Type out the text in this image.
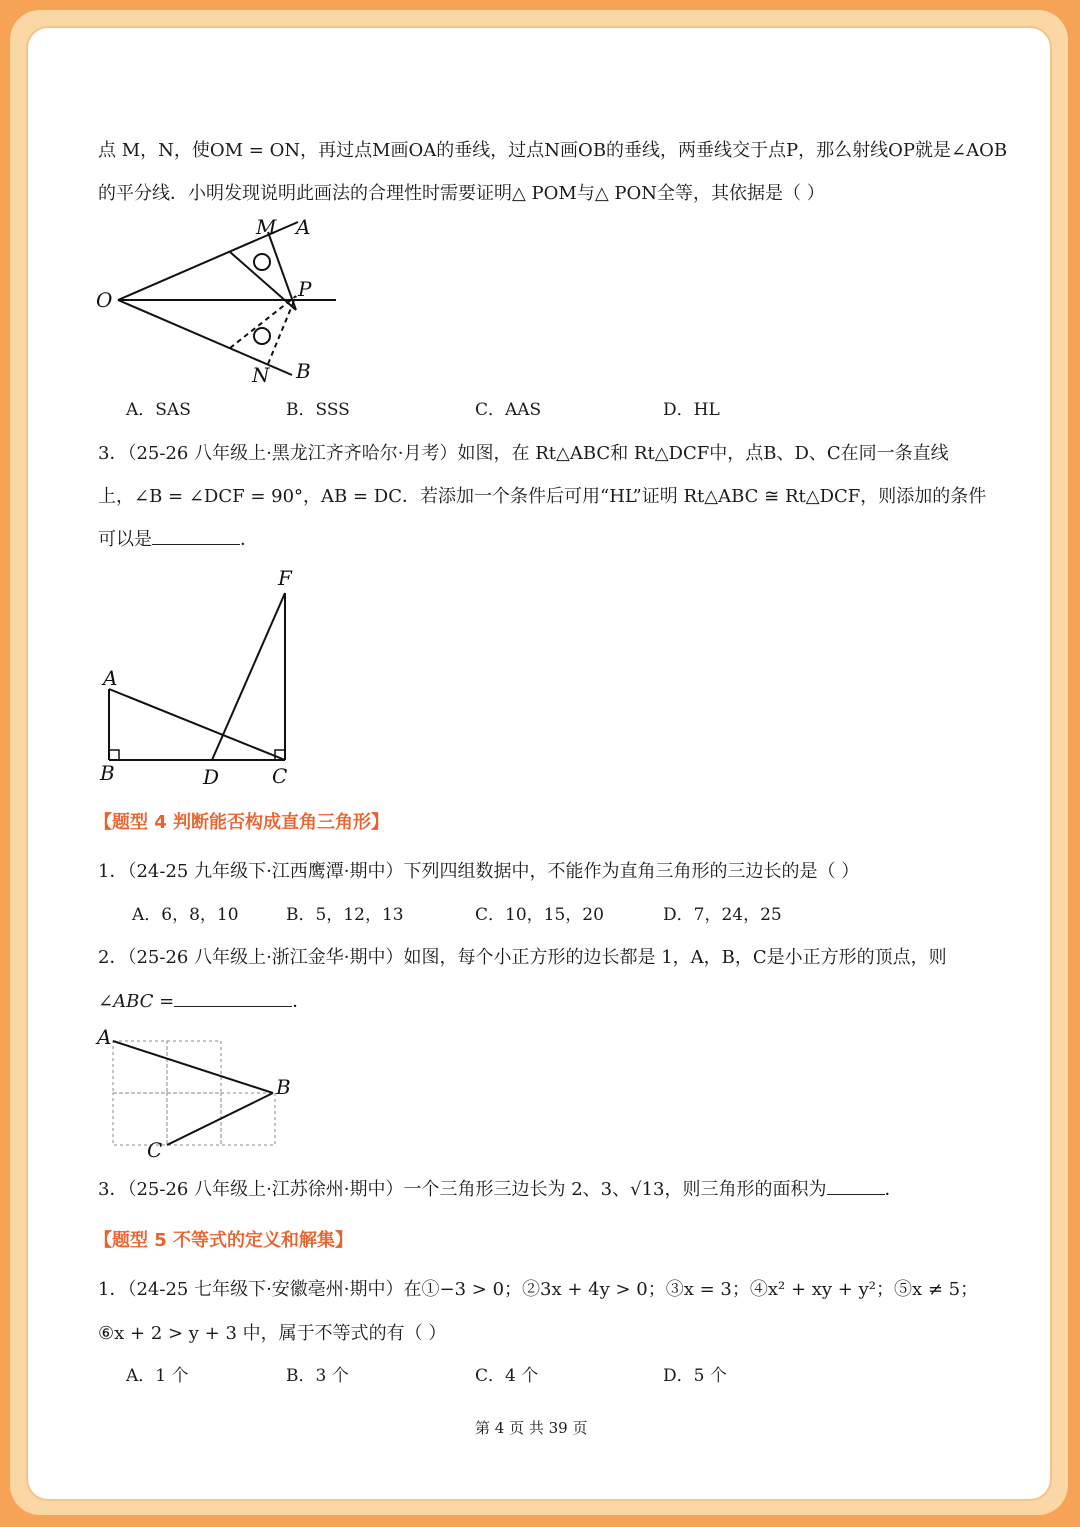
点 M，N，使OM = ON，再过点M画OA的垂线，过点N画OB的垂线，两垂线交于点P，那么射线OP就是∠AOB
的平分线．小明发现说明此画法的合理性时需要证明△ POM与△ PON全等，其依据是（ ）
M A
O	P
N B
A．SAS	B．SSS	C．AAS	D．HL
3．（25-26 八年级上·黑龙江齐齐哈尔·月考）如图，在 Rt△ABC和 Rt△DCF中，点B、D、C在同一条直线
上，∠B = ∠DCF = 90°，AB = DC．若添加一个条件后可用“HL”证明 Rt△ABC ≅ Rt△DCF，则添加的条件
可以是	．
F
A
B	D	C
【题型 4 判断能否构成直角三角形】
1．（24-25 九年级下·江西鹰潭·期中）下列四组数据中，不能作为直角三角形的三边长的是（ ）
A．6，8，10	B．5，12，13	C．10，15，20	D．7，24，25
2．（25-26 八年级上·浙江金华·期中）如图，每个小正方形的边长都是 1，A，B，C是小正方形的顶点，则
∠ABC =	．
A
B
C
3．（25-26 八年级上·江苏徐州·期中）一个三角形三边长为 2、3、√13，则三角形的面积为	．
【题型 5 不等式的定义和解集】
1．（24-25 七年级下·安徽亳州·期中）在①−3 > 0；②3x + 4y > 0；③x = 3；④x² + xy + y²；⑤x ≠ 5；
⑥x + 2 > y + 3 中，属于不等式的有（ ）
A．1 个	B．3 个	C．4 个	D．5 个
第 4 页 共 39 页
